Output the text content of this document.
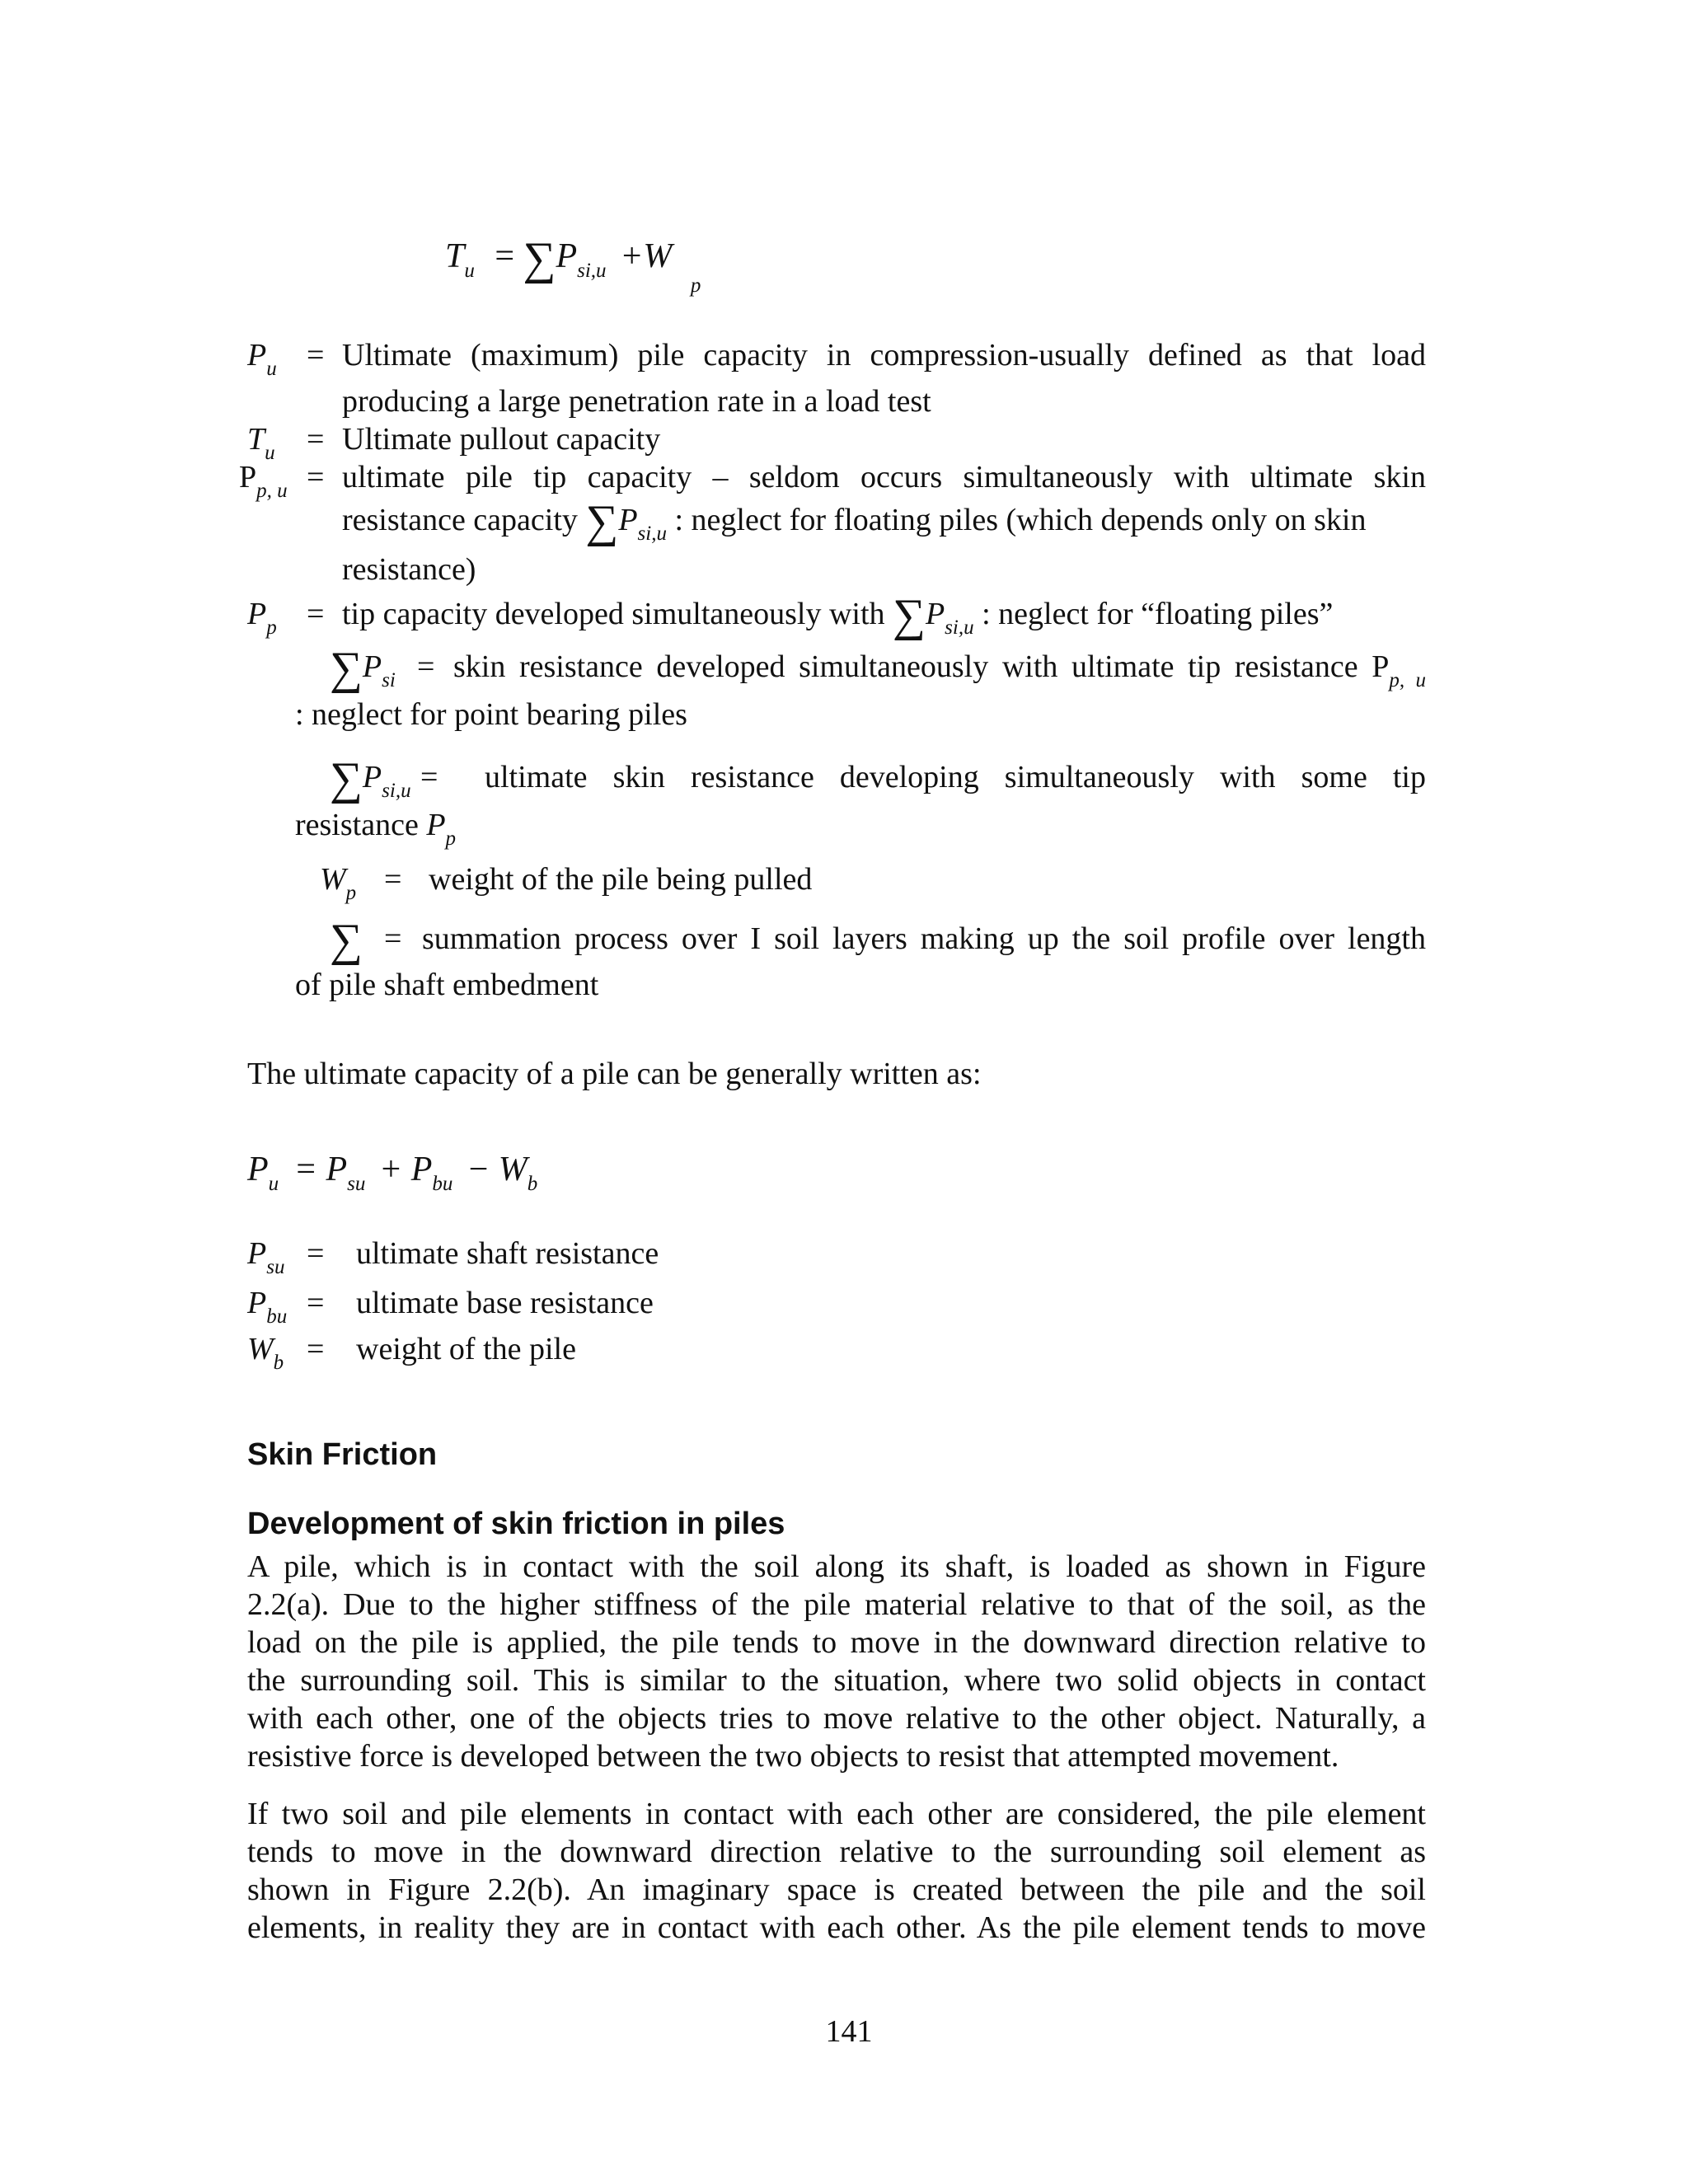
$T_u = \sum P_{si,u} +W$ $_p$
$P_u$ = Ultimate (maximum) pile capacity in compression-usually defined as that load
producing a large penetration rate in a load test
$T_u$ = Ultimate pullout capacity
$P_{p, u}$ = ultimate pile tip capacity – seldom occurs simultaneously with ultimate skin
resistance capacity $\sum P_{si,u}$ : neglect for floating piles (which depends only on skin
resistance)
$P_p$ = tip capacity developed simultaneously with $\sum P_{si,u}$ : neglect for “floating piles”
$\sum P_{si}$ = skin resistance developed simultaneously with ultimate tip resistance $P_{p, u}$
: neglect for point bearing piles
$\sum P_{si,u}$ = ultimate skin resistance developing simultaneously with some tip
resistance $P_p$
$W_p$ = weight of the pile being pulled
∑ = summation process over I soil layers making up the soil profile over length
of pile shaft embedment
The ultimate capacity of a pile can be generally written as:
$P_u = P_{su} + P_{bu} - W_b$
$P_{su}$ = ultimate shaft resistance
$P_{bu}$ = ultimate base resistance
$W_b$ = weight of the pile
Skin Friction
Development of skin friction in piles
A pile, which is in contact with the soil along its shaft, is loaded as shown in Figure
2.2(a). Due to the higher stiffness of the pile material relative to that of the soil, as the
load on the pile is applied, the pile tends to move in the downward direction relative to
the surrounding soil. This is similar to the situation, where two solid objects in contact
with each other, one of the objects tries to move relative to the other object. Naturally, a
resistive force is developed between the two objects to resist that attempted movement.
If two soil and pile elements in contact with each other are considered, the pile element
tends to move in the downward direction relative to the surrounding soil element as
shown in Figure 2.2(b). An imaginary space is created between the pile and the soil
elements, in reality they are in contact with each other. As the pile element tends to move
141
